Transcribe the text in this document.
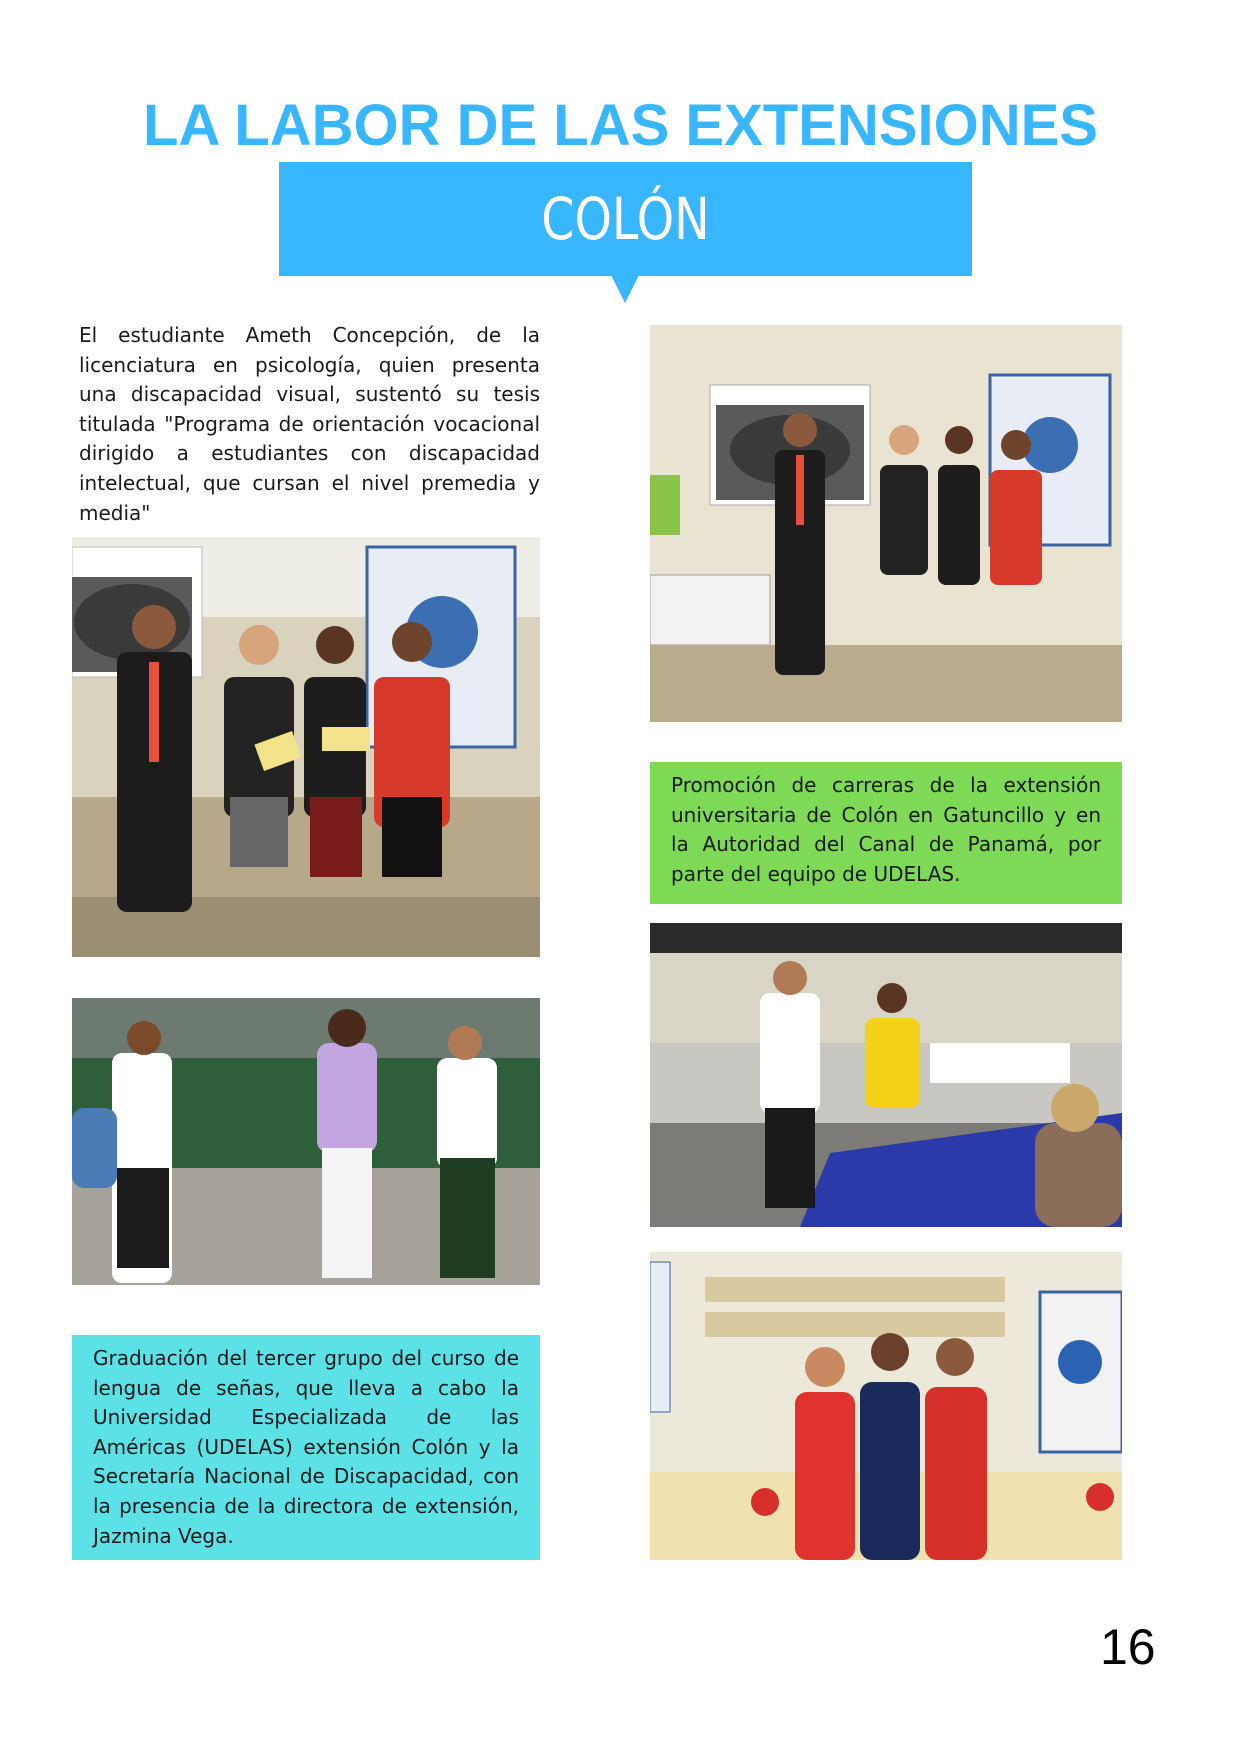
LA LABOR DE LAS EXTENSIONES
COLÓN
El estudiante Ameth Concepción, de la licenciatura en psicología, quien presenta una discapacidad visual, sustentó su tesis titulada "Programa de orientación vocacional dirigido a estudiantes con discapacidad intelectual, que cursan el nivel premedia y media"
Promoción de carreras de la extensión universitaria de Colón en Gatuncillo y en la Autoridad del Canal de Panamá, por parte del equipo de UDELAS.
Graduación del tercer grupo del curso de lengua de señas, que lleva a cabo la Universidad Especializada de las Américas (UDELAS) extensión Colón y la Secretaría Nacional de Discapacidad, con la presencia de la directora de extensión, Jazmina Vega.
16
